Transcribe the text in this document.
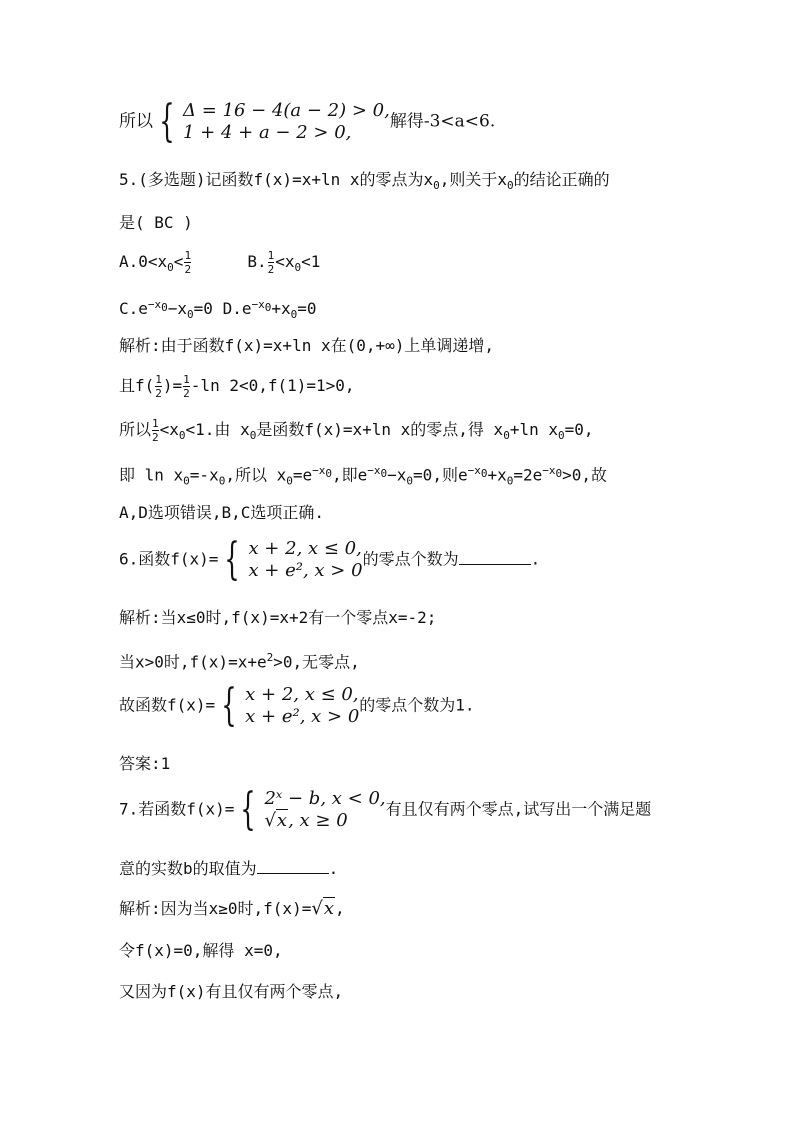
所以 { Δ = 16 − 4(a − 2) > 0,
1 + 4 + a − 2 > 0,
解得-3<a<6.
5.(多选题)记函数f(x)=x+ln x的零点为$x_0$,则关于$x_0$的结论正确的
是( BC )
$A.0<x_0< \frac{1}{2}$	B. $\frac{1}{2} <x_0<1$
$C.e^{-x_0}-x_0=0$ $D.e^{-x_0}+x_0=0$
解析:由于函数f(x)=x+ln x在(0,+∞)上单调递增,
且$f( \frac{1}{2}$ )= $\frac{1}{2} -\ln$ 2<0,f(1)=1>0,
所以 $\frac{1}{2} <x_0<1$.由 $x_0$是函数f(x)=x+ln x的零点,得 $x_0+\ln$ $x_0=0$,
即 $\ln x_0=-x_0$,所以 $x_0=e^{-x_0}$,即$e^{-x_0}-x_0=0$,则$e^{-x_0}+x_0=2e^{-x_0}>0$,故
A,D选项错误,B,C选项正确.
6.函数f(x)= { x + 2, x ≤ 0,
x + e², x > 0
的零点个数为	.
解析:当x≤0时,f(x)=x+2有一个零点x=-2;
当x>0时$,f(x)=x+e^2>0$,无零点,
故函数f(x)= { x + 2, x ≤ 0,
x + e², x > 0
的零点个数为1.
答案:1
7.若函数f(x)= { 2ˣ − b, x < 0,
√x, x ≥ 0
有且仅有两个零点,试写出一个满足题
意的实数b的取值为	.
解析:因为当x≥0时,f(x)=√x,
令f(x)=0,解得 x=0,
又因为f(x)有且仅有两个零点,
